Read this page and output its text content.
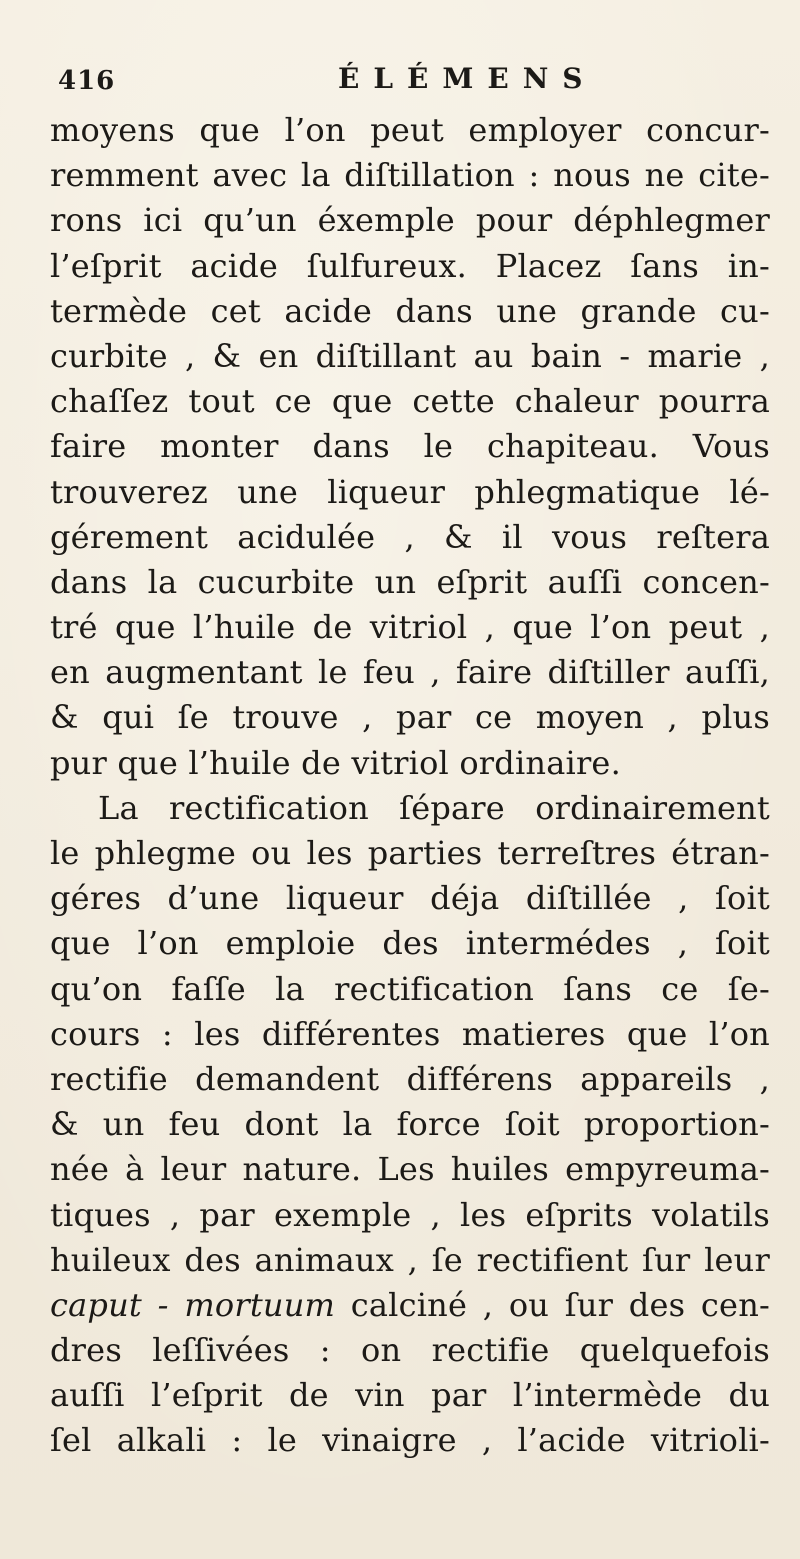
416	ÉLÉMENS
moyens que l’on peut employer concur-
remment avec la diſtillation : nous ne cite-
rons ici qu’un éxemple pour déphlegmer
l’eſprit acide ſulfureux. Placez ſans in-
termède cet acide dans une grande cu-
curbite , & en diſtillant au bain - marie ,
chaſſez tout ce que cette chaleur pourra
faire monter dans le chapiteau. Vous
trouverez une liqueur phlegmatique lé-
gérement acidulée , & il vous reſtera
dans la cucurbite un eſprit auſſi concen-
tré que l’huile de vitriol , que l’on peut ,
en augmentant le feu , faire diſtiller auſſi,
& qui ſe trouve , par ce moyen , plus
pur que l’huile de vitriol ordinaire.
La rectification ſépare ordinairement
le phlegme ou les parties terreſtres étran-
géres d’une liqueur déja diſtillée , ſoit
que l’on emploie des intermédes , ſoit
qu’on faſſe la rectification ſans ce ſe-
cours : les différentes matieres que l’on
rectifie demandent différens appareils ,
& un feu dont la force ſoit proportion-
née à leur nature. Les huiles empyreuma-
tiques , par exemple , les eſprits volatils
huileux des animaux , ſe rectifient ſur leur
caput - mortuum calciné , ou ſur des cen-
dres leſſivées : on rectifie quelquefois
auſſi l’eſprit de vin par l’intermède du
ſel alkali : le vinaigre , l’acide vitrioli-
